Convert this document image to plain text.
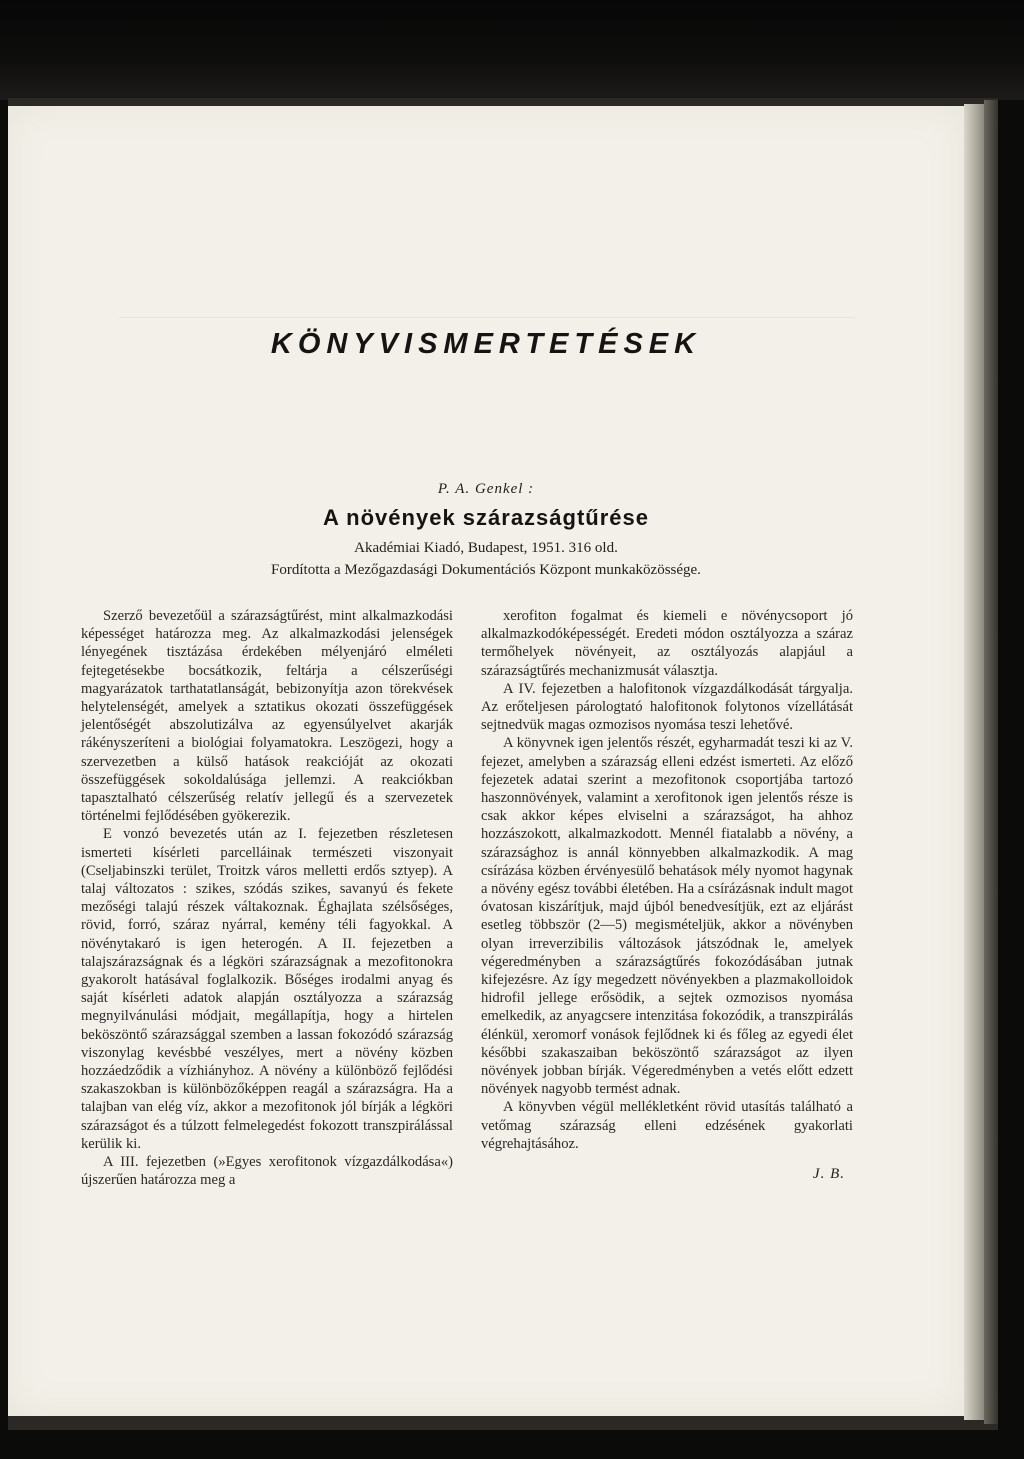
KÖNYVISMERTETÉSEK
P. A. Genkel :
A növények szárazságtűrése
Akadémiai Kiadó, Budapest, 1951. 316 old.
Fordította a Mezőgazdasági Dokumentációs Központ munkaközössége.

Szerző bevezetőül a szárazságtűrést, mint alkalmazkodási képességet határozza meg. Az alkalmazkodási jelenségek lényegének tisztázása érdekében mélyenjáró elméleti fejtegetésekbe bocsátkozik, feltárja a célszerűségi magyarázatok tarthatatlanságát, bebizonyítja azon törekvések helytelenségét, amelyek a sztatikus okozati összefüggések jelentőségét abszolutizálva az egyensúlyelvet akarják rákényszeríteni a biológiai folyamatokra. Leszögezi, hogy a szervezetben a külső hatások reakcióját az okozati összefüggések sokoldalúsága jellemzi. A reakciókban tapasztalható célszerűség relatív jellegű és a szervezetek történelmi fejlődésében gyökerezik.

E vonzó bevezetés után az I. fejezetben részletesen ismerteti kísérleti parcelláinak természeti viszonyait (Cseljabinszki terület, Troitzk város melletti erdős sztyep). A talaj változatos : szikes, szódás szikes, savanyú és fekete mezőségi talajú részek váltakoznak. Éghajlata szélsőséges, rövid, forró, száraz nyárral, kemény téli fagyokkal. A növénytakaró is igen heterogén. A II. fejezetben a talajszárazságnak és a légköri szárazságnak a mezofitonokra gyakorolt hatásával foglalkozik. Bőséges irodalmi anyag és saját kísérleti adatok alapján osztályozza a szárazság megnyilvánulási módjait, megállapítja, hogy a hirtelen beköszöntő szárazsággal szemben a lassan fokozódó szárazság viszonylag kevésbbé veszélyes, mert a növény közben hozzáedződik a vízhiányhoz. A növény a különböző fejlődési szakaszokban is különbözőképpen reagál a szárazságra. Ha a talajban van elég víz, akkor a mezofitonok jól bírják a légköri szárazságot és a túlzott felmelegedést fokozott transzpirálással kerülik ki.

A III. fejezetben (»Egyes xerofitonok vízgazdálkodása«) újszerűen határozza meg a

xerofiton fogalmat és kiemeli e növénycsoport jó alkalmazkodóképességét. Eredeti módon osztályozza a száraz termőhelyek növényeit, az osztályozás alapjául a szárazságtűrés mechanizmusát választja.

A IV. fejezetben a halofitonok vízgazdálkodását tárgyalja. Az erőteljesen párologtató halofitonok folytonos vízellátását sejtnedvük magas ozmozisos nyomása teszi lehetővé.

A könyvnek igen jelentős részét, egyharmadát teszi ki az V. fejezet, amelyben a szárazság elleni edzést ismerteti. Az előző fejezetek adatai szerint a mezofitonok csoportjába tartozó haszonnövények, valamint a xerofitonok igen jelentős része is csak akkor képes elviselni a szárazságot, ha ahhoz hozzászokott, alkalmazkodott. Mennél fiatalabb a növény, a szárazsághoz is annál könnyebben alkalmazkodik. A mag csírázása közben érvényesülő behatások mély nyomot hagynak a növény egész további életében. Ha a csírázásnak indult magot óvatosan kiszárítjuk, majd újból benedvesítjük, ezt az eljárást esetleg többször (2—5) megismételjük, akkor a növényben olyan irreverzibilis változások játszódnak le, amelyek végeredményben a szárazságtűrés fokozódásában jutnak kifejezésre. Az így megedzett növényekben a plazmakolloidok hidrofil jellege erősödik, a sejtek ozmozisos nyomása emelkedik, az anyagcsere intenzitása fokozódik, a transzpirálás élénkül, xeromorf vonások fejlődnek ki és főleg az egyedi élet későbbi szakaszaiban beköszöntő szárazságot az ilyen növények jobban bírják. Végeredményben a vetés előtt edzett növények nagyobb termést adnak.

A könyvben végül mellékletként rövid utasítás található a vetőmag szárazság elleni edzésének gyakorlati végrehajtásához.

J. B.
